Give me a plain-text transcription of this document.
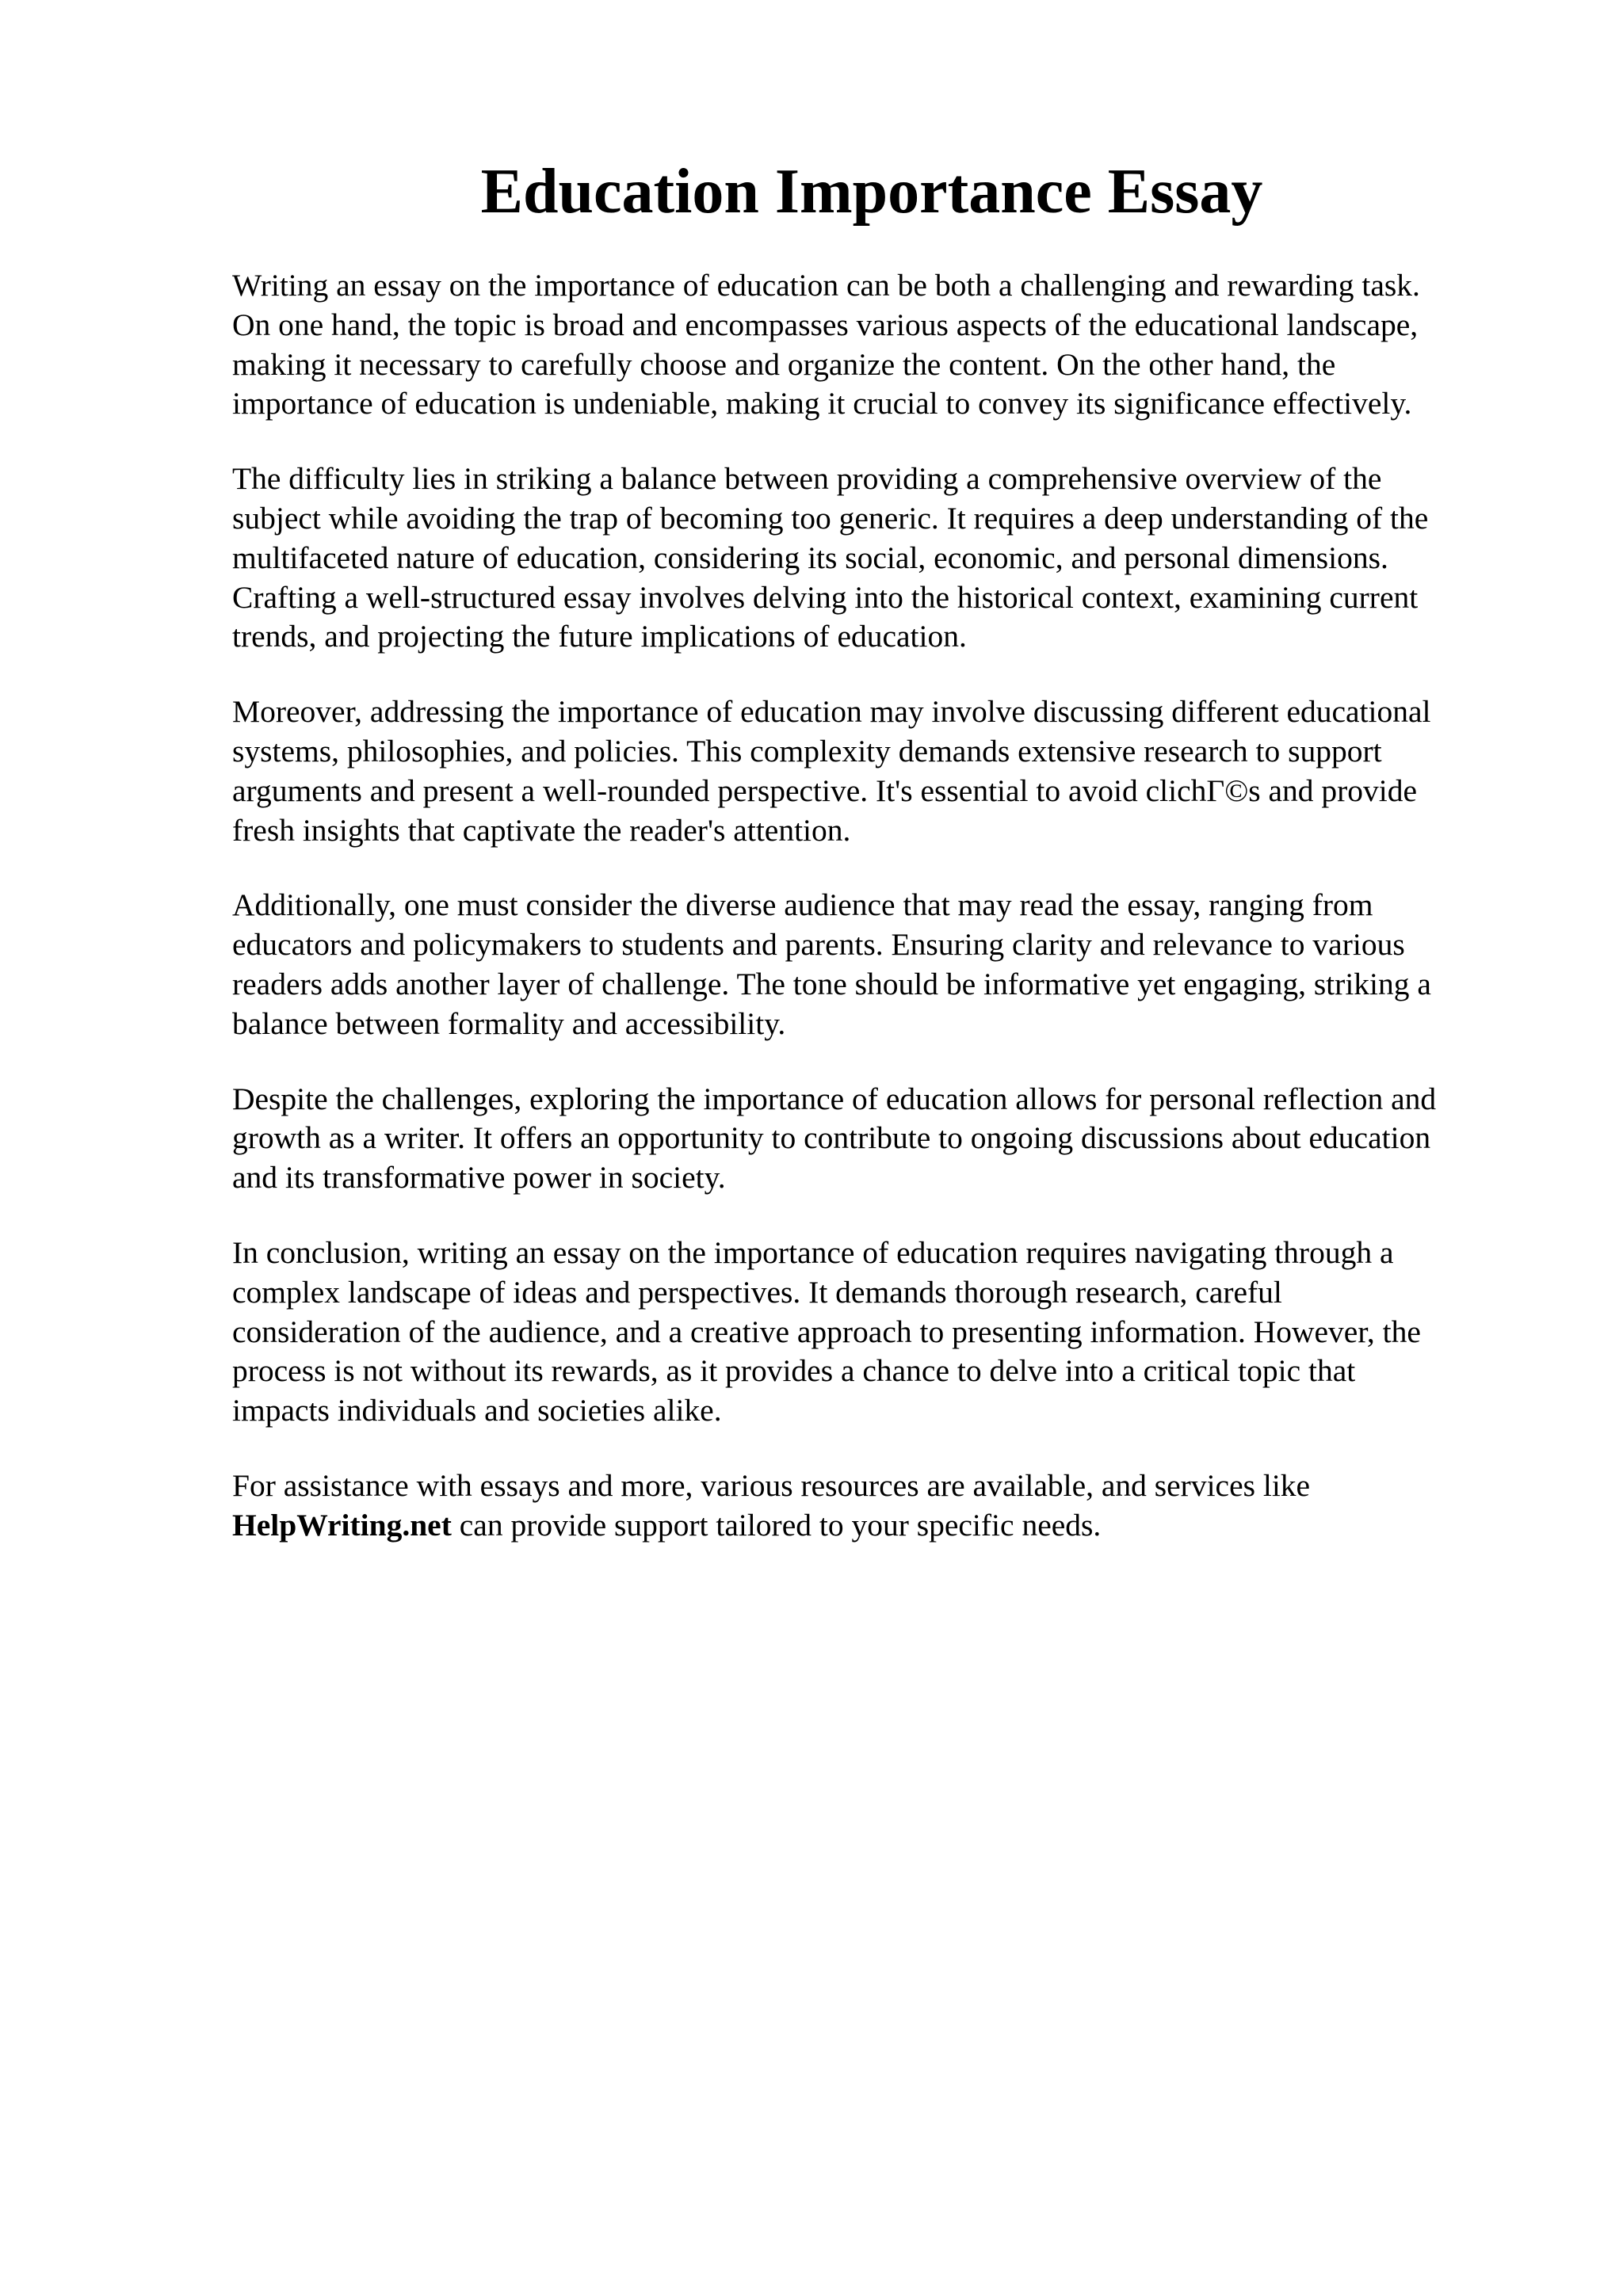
Education Importance Essay

Writing an essay on the importance of education can be both a challenging and rewarding task.
On one hand, the topic is broad and encompasses various aspects of the educational landscape,
making it necessary to carefully choose and organize the content. On the other hand, the
importance of education is undeniable, making it crucial to convey its significance effectively.

The difficulty lies in striking a balance between providing a comprehensive overview of the
subject while avoiding the trap of becoming too generic. It requires a deep understanding of the
multifaceted nature of education, considering its social, economic, and personal dimensions.
Crafting a well-structured essay involves delving into the historical context, examining current
trends, and projecting the future implications of education.

Moreover, addressing the importance of education may involve discussing different educational
systems, philosophies, and policies. This complexity demands extensive research to support
arguments and present a well-rounded perspective. It's essential to avoid clichΓ©s and provide
fresh insights that captivate the reader's attention.

Additionally, one must consider the diverse audience that may read the essay, ranging from
educators and policymakers to students and parents. Ensuring clarity and relevance to various
readers adds another layer of challenge. The tone should be informative yet engaging, striking a
balance between formality and accessibility.

Despite the challenges, exploring the importance of education allows for personal reflection and
growth as a writer. It offers an opportunity to contribute to ongoing discussions about education
and its transformative power in society.

In conclusion, writing an essay on the importance of education requires navigating through a
complex landscape of ideas and perspectives. It demands thorough research, careful
consideration of the audience, and a creative approach to presenting information. However, the
process is not without its rewards, as it provides a chance to delve into a critical topic that
impacts individuals and societies alike.

For assistance with essays and more, various resources are available, and services like
HelpWriting.net can provide support tailored to your specific needs.
